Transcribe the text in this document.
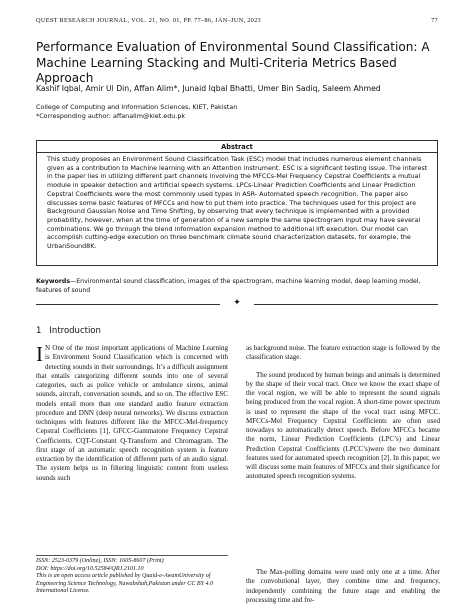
QUEST RESEARCH JOURNAL, VOL. 21, NO. 01, PP. 77–86, JAN–JUN, 2023	77
Performance Evaluation of Environmental Sound Classification: A Machine Learning Stacking and Multi-Criteria Metrics Based Approach
Kashif Iqbal, Amir Ul Din, Affan Alim*, Junaid Iqbal Bhatti, Umer Bin Sadiq, Saleem Ahmed
College of Computing and Information Sciences, KIET, Pakistan
*Corresponding author: affanalim@kiet.edu.pk
Abstract
This study proposes an Environment Sound Classification Task (ESC) model that includes numerous element channels given as a contribution to Machine learning with an Attention instrument. ESC is a significant testing issue. The interest in the paper lies in utilizing different part channels involving the MFCCs-Mel Frequency Cepstral Coefficients a mutual module in speaker detection and artificial speech systems. LPCs-Linear Prediction Coefficients and Linear Prediction Cepstral Coefficients were the most commonly used types in ASR- Automated speech recognition. The paper also discusses some basic features of MFCCs and how to put them into practice. The techniques used for this project are Background Gaussian Noise and Time Shifting, by observing that every technique is implemented with a provided probability, however, when at the time of generation of a new sample the same spectrogram input may have several combinations. We go through the blend information expansion method to additional lift execution. Our model can accomplish cutting-edge execution on three benchmark climate sound characterization datasets, for example, the UrbanSound8K.
Keywords—Environmental sound classification, images of the spectrogram, machine learning model, deep learning model, features of sound
✦
1 Introduction
I N One of the most important applications of Machine Learning is Environment Sound Classification which is concerned with detecting sounds in their surroundings. It’s a difficult assignment that entails categorizing different sounds into one of several categories, such as police vehicle or ambulance sirens, animal sounds, aircraft, conversation sounds, and so on. The effective ESC models entail more than one standard audio feature extraction procedure and DNN (deep neural networks). We discuss extraction techniques with features different like the MFCC-Mel-frequency Cepstral Coefficients [1], GFCC-Gammatone Frequency Cepstral Coefficients, CQT-Constant Q-Transform and Chromagram. The first stage of an automatic speech recognition system is feature extraction by the identification of different parts of an audio signal. The system helps us in filtering linguistic content from useless sounds such

as background noise. The feature extraction stage is followed by the classification stage.

The sound produced by human beings and animals is determined by the shape of their vocal tract. Once we know the exact shape of the vocal region, we will be able to represent the sound signals being produced from the vocal region. A short-time power spectrum is used to represent the shape of the vocal tract using MFCC. MFCCs-Mel Frequency Cepstral Coefficients are often used nowadays to automatically detect speech. Before MFCCs became the norm, Linear Prediction Coefficients (LPC’s) and Linear Prediction Cepstral Coefficients (LPCC’s)were the two dominant features used for automated speech recognition [2]. In this paper, we will discuss some main features of MFCCs and their significance for automated speech recognition systems.

ISSN: 2523-0379 (Online), ISSN: 1605-8607 (Print)
DOI: https://doi.org/10.52584/QRJ.2101.10
This is an open access article published by Quaid-e-AwamUniversity of Engineering Science Technology, Nawabshah,Pakistan under CC BY 4.0 International License.

The Max-polling domains were used only one at a time. After the convolutional layer, they combine time and frequency, independently combining the future stage and enabling the processing time and fre-
